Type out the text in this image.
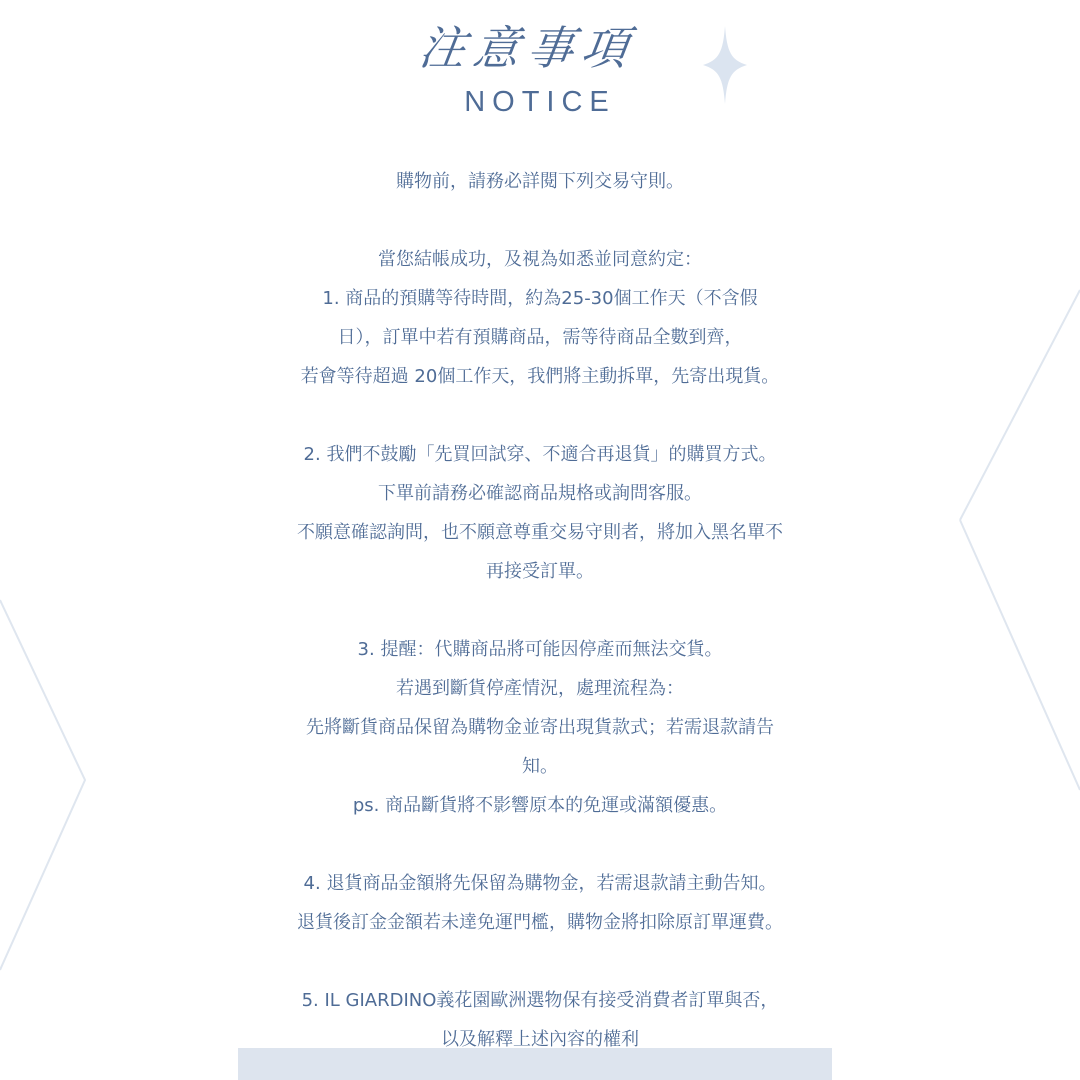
注意事項
NOTICE
購物前，請務必詳閱下列交易守則。
當您結帳成功，及視為如悉並同意約定：
1. 商品的預購等待時間，約為25-30個工作天（不含假
日），訂單中若有預購商品，需等待商品全數到齊，
若會等待超過 20個工作天，我們將主動拆單，先寄出現貨。
2. 我們不鼓勵「先買回試穿、不適合再退貨」的購買方式。
下單前請務必確認商品規格或詢問客服。
不願意確認詢問，也不願意尊重交易守則者，將加入黑名單不
再接受訂單。
3. 提醒：代購商品將可能因停產而無法交貨。
若遇到斷貨停產情況，處理流程為：
先將斷貨商品保留為購物金並寄出現貨款式；若需退款請告
知。
ps. 商品斷貨將不影響原本的免運或滿額優惠。
4. 退貨商品金額將先保留為購物金，若需退款請主動告知。
退貨後訂金金額若未達免運門檻，購物金將扣除原訂單運費。
5. IL GIARDINO義花園歐洲選物保有接受消費者訂單與否，
以及解釋上述內容的權利
